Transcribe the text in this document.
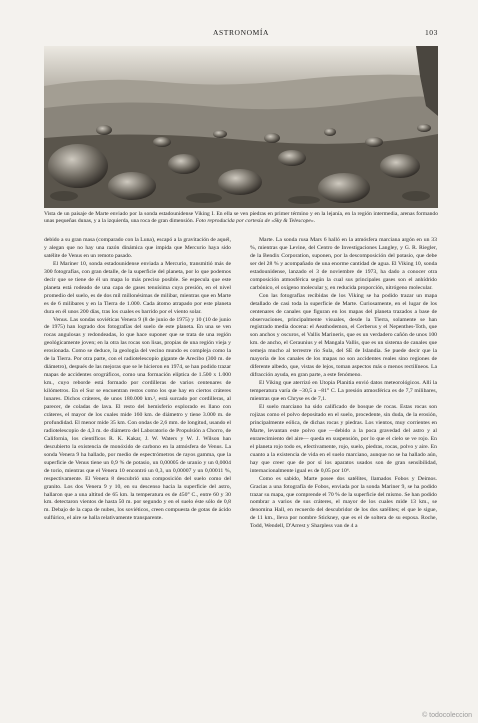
ASTRONOMÍA	103
Vista de un paisaje de Marte enviado por la sonda estadounidense Viking I. En ella se ven piedras en primer término y en la lejanía, en la región intermedia, arenas formando unas pequeñas dunas, y a la izquierda, una roca de gran dimensión. Foto reproducida por cortesía de «Sky & Telescope».

debido a su gran masa (comparado con la Luna), escapó a la gravitación de aquél, y alegan que no hay una razón dinámica que impida que Mercurio haya sido satélite de Venus en un remoto pasado.

El Mariner 10, sonda estadounidense enviada a Mercurio, transmitió más de 300 fotografías, con gran detalle, de la superficie del planeta, por lo que podemos decir que se tiene de él un mapa lo más preciso posible. Se especula que este planeta está rodeado de una capa de gases tenuísima cuya presión, en el nivel promedio del suelo, es de dos mil millonésimas de milibar, mientras que en Marte es de 6 milibares y en la Tierra de 1.000. Cada átomo atrapado por este planeta dura en él unos 200 días, tras los cuales es barrido por el viento solar.

Venus. Las sondas soviéticas Venera 9 (8 de junio de 1975) y 10 (10 de junio de 1975) han logrado dos fotografías del suelo de este planeta. En una se ven rocas angulosas y redondeadas, lo que hace suponer que se trata de una región geológicamente joven; en la otra las rocas son lisas, propias de una región vieja y erosionada. Como se deduce, la geología del vecino mundo es compleja como la de la Tierra. Por otra parte, con el radiotelescopio gigante de Arecibo (300 m. de diámetro), después de las mejoras que se le hicieron en 1974, se han podido trazar mapas de accidentes orográficos, como una formación elíptica de 1.500 x 1.000 km., cuyo reborde está formado por cordilleras de varios centenares de kilómetros. En el Sur se encuentran restos como los que hay en ciertos cráteres lunares. Dichos cráteres, de unos 180.000 km.², está surcado por cordilleras, al parecer, de coladas de lava. El resto del hemisferio explorado es llano con cráteres, el mayor de los cuales mide 160 km. de diámetro y tiene 3.000 m. de profundidad. El menor mide 35 km. Con ondas de 2,6 mm. de longitud, usando el radiotelescopio de 4,3 m. de diámetro del Laboratorio de Propulsión a Chorro, de California, los científicos R. K. Kakar, J. W. Waters y W. J. Wilson han descubierto la existencia de monóxido de carbono en la atmósfera de Venus. La sonda Venera 9 ha hallado, por medio de espectrómetros de rayos gamma, que la superficie de Venus tiene un 0,9 % de potasio, un 0,00005 de uranio y un 0,0004 de torio, mientras que el Venera 10 encontró un 0,3, un 0,00007 y un 0,00011 %, respectivamente. El Venera 8 descubrió una composición del suelo como del granito. Los dos Venera 9 y 10, en su descenso hacia la superficie del astro, hallaron que a una altitud de 65 km. la temperatura es de 450° C., entre 60 y 30 km. detectaron vientos de hasta 50 m. por segundo y en el suelo éste sólo de 0,8 m. Debajo de la capa de nubes, los soviéticos, creen compuesta de gotas de ácido sulfúrico, el aire se halla relativamente transparente.

Marte. La sonda rusa Mars 6 halló en la atmósfera marciana argón en un 33 %, mientras que Levine, del Centro de Investigaciones Langley, y G. R. Riegler, de la Bendix Corporation, suponen, por la descomposición del potasio, que debe ser del 28 % y acompañado de una enorme cantidad de agua. El Viking 10, sonda estadounidense, lanzado el 3 de noviembre de 1973, ha dado a conocer otra composición atmosférica según la cual sus principales gases son el anhídrido carbónico, el oxígeno molecular y, en reducida proporción, nitrógeno molecular.

Con las fotografías recibidas de los Viking se ha podido trazar un mapa detallado de casi toda la superficie de Marte. Curiosamente, en el lugar de los centenares de canales que figuran en los mapas del planeta trazados a base de observaciones, principalmente visuales, desde la Tierra, solamente se han registrado media docena: el Aeathodemon, el Cerberus y el Nepenthes-Toth, que son anchos y oscuros, el Vallis Marineris, que es un verdadero cañón de unos 100 km. de ancho, el Ceraunius y el Mangala Vallis, que es un sistema de canales que semeja mucho al terrestre río Sula, del SE de Islandia. Se puede decir que la mayoría de los canales de los mapas no son accidentes reales sino regiones de diferente albedo, que, vistas de lejos, toman aspectos más o menos rectilíneos. La difracción ayuda, en gran parte, a este fenómeno.

El Viking que aterrizó en Utopia Planitia envió datos meteorológicos. Allí la temperatura varía de −30,5 a −81° C. La presión atmosférica es de 7,7 milibares, mientras que en Chryse es de 7,1.

El suelo marciano ha sido calificado de bosque de rocas. Estas rocas son rojizas como el polvo depositado en el suelo, procedente, sin duda, de la erosión, principalmente eólica, de dichas rocas y piedras. Los vientos, muy corrientes en Marte, levantan este polvo que —debido a la poca gravedad del astro y al enrarecimiento del aire— queda en suspensión, por lo que el cielo se ve rojo. En el planeta rojo todo es, efectivamente, rojo, suelo, piedras, rocas, polvo y aire. En cuanto a la existencia de vida en el suelo marciano, aunque no se ha hallado aún, hay que creer que de por sí los aparatos usados son de gran sensibilidad, internacionalmente igual es de 0,05 por 10⁶.

Como es sabido, Marte posee dos satélites, llamados Fobos y Deimos. Gracias a una fotografía de Fobos, enviada por la sonda Mariner 9, se ha podido trazar su mapa, que comprende el 70 % de la superficie del mismo. Se han podido nombrar a varios de sus cráteres, el mayor de los cuales mide 13 km., se denomina Hall, en recuerdo del descubridor de los dos satélites; el que le sigue, de 11 km., lleva por nombre Stickney, que es el de soltera de su esposa. Roche, Todd, Wendell, D'Arrest y Sharpless van de 4 a

© todocoleccion
